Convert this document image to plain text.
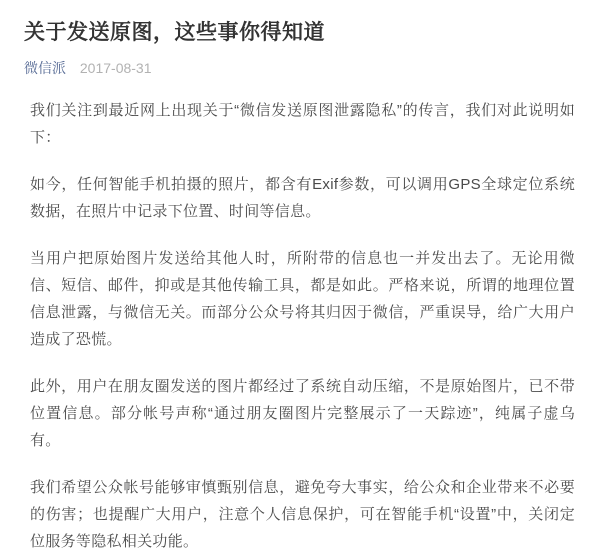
关于发送原图，这些事你得知道
微信派 2017-08-31

我们关注到最近网上出现关于“微信发送原图泄露隐私”的传言，我们对此说明如下：

如今，任何智能手机拍摄的照片，都含有Exif参数，可以调用GPS全球定位系统数据，在照片中记录下位置、时间等信息。

当用户把原始图片发送给其他人时，所附带的信息也一并发出去了。无论用微信、短信、邮件，抑或是其他传输工具，都是如此。严格来说，所谓的地理位置信息泄露，与微信无关。而部分公众号将其归因于微信，严重误导，给广大用户造成了恐慌。

此外，用户在朋友圈发送的图片都经过了系统自动压缩，不是原始图片，已不带位置信息。部分帐号声称“通过朋友圈图片完整展示了一天踪迹”，纯属子虚乌有。

我们希望公众帐号能够审慎甄别信息，避免夸大事实，给公众和企业带来不必要的伤害；也提醒广大用户，注意个人信息保护，可在智能手机“设置”中，关闭定位服务等隐私相关功能。
